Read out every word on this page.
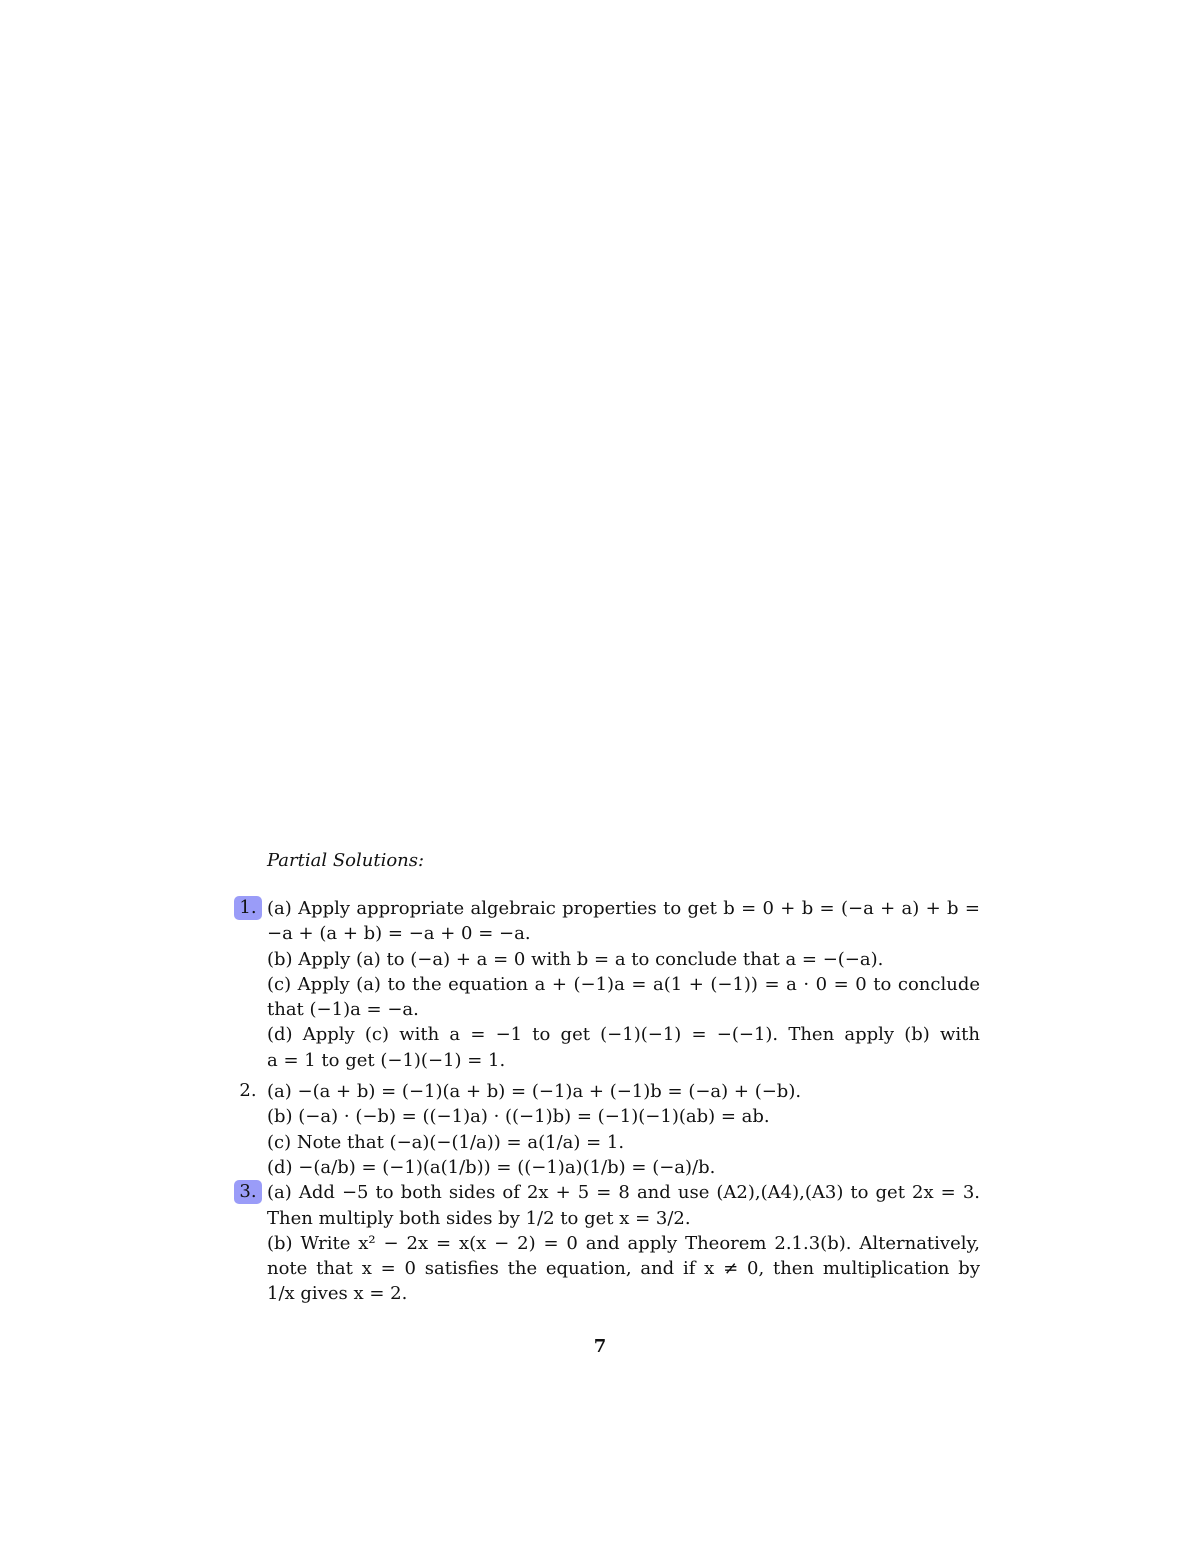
Partial Solutions:
1. (a) Apply appropriate algebraic properties to get b = 0 + b = (−a + a) + b =
−a + (a + b) = −a + 0 = −a.
(b) Apply (a) to (−a) + a = 0 with b = a to conclude that a = −(−a).
(c) Apply (a) to the equation a + (−1)a = a(1 + (−1)) = a · 0 = 0 to conclude
that (−1)a = −a.
(d) Apply (c) with a = −1 to get (−1)(−1) = −(−1). Then apply (b) with
a = 1 to get (−1)(−1) = 1.
2. (a) −(a + b) = (−1)(a + b) = (−1)a + (−1)b = (−a) + (−b).
(b) (−a) · (−b) = ((−1)a) · ((−1)b) = (−1)(−1)(ab) = ab.
(c) Note that (−a)(−(1/a)) = a(1/a) = 1.
(d) −(a/b) = (−1)(a(1/b)) = ((−1)a)(1/b) = (−a)/b.
3. (a) Add −5 to both sides of 2x + 5 = 8 and use (A2),(A4),(A3) to get 2x = 3.
Then multiply both sides by 1/2 to get x = 3/2.
(b) Write x² − 2x = x(x − 2) = 0 and apply Theorem 2.1.3(b). Alternatively,
note that x = 0 satisfies the equation, and if x ≠ 0, then multiplication by
1/x gives x = 2.
7
